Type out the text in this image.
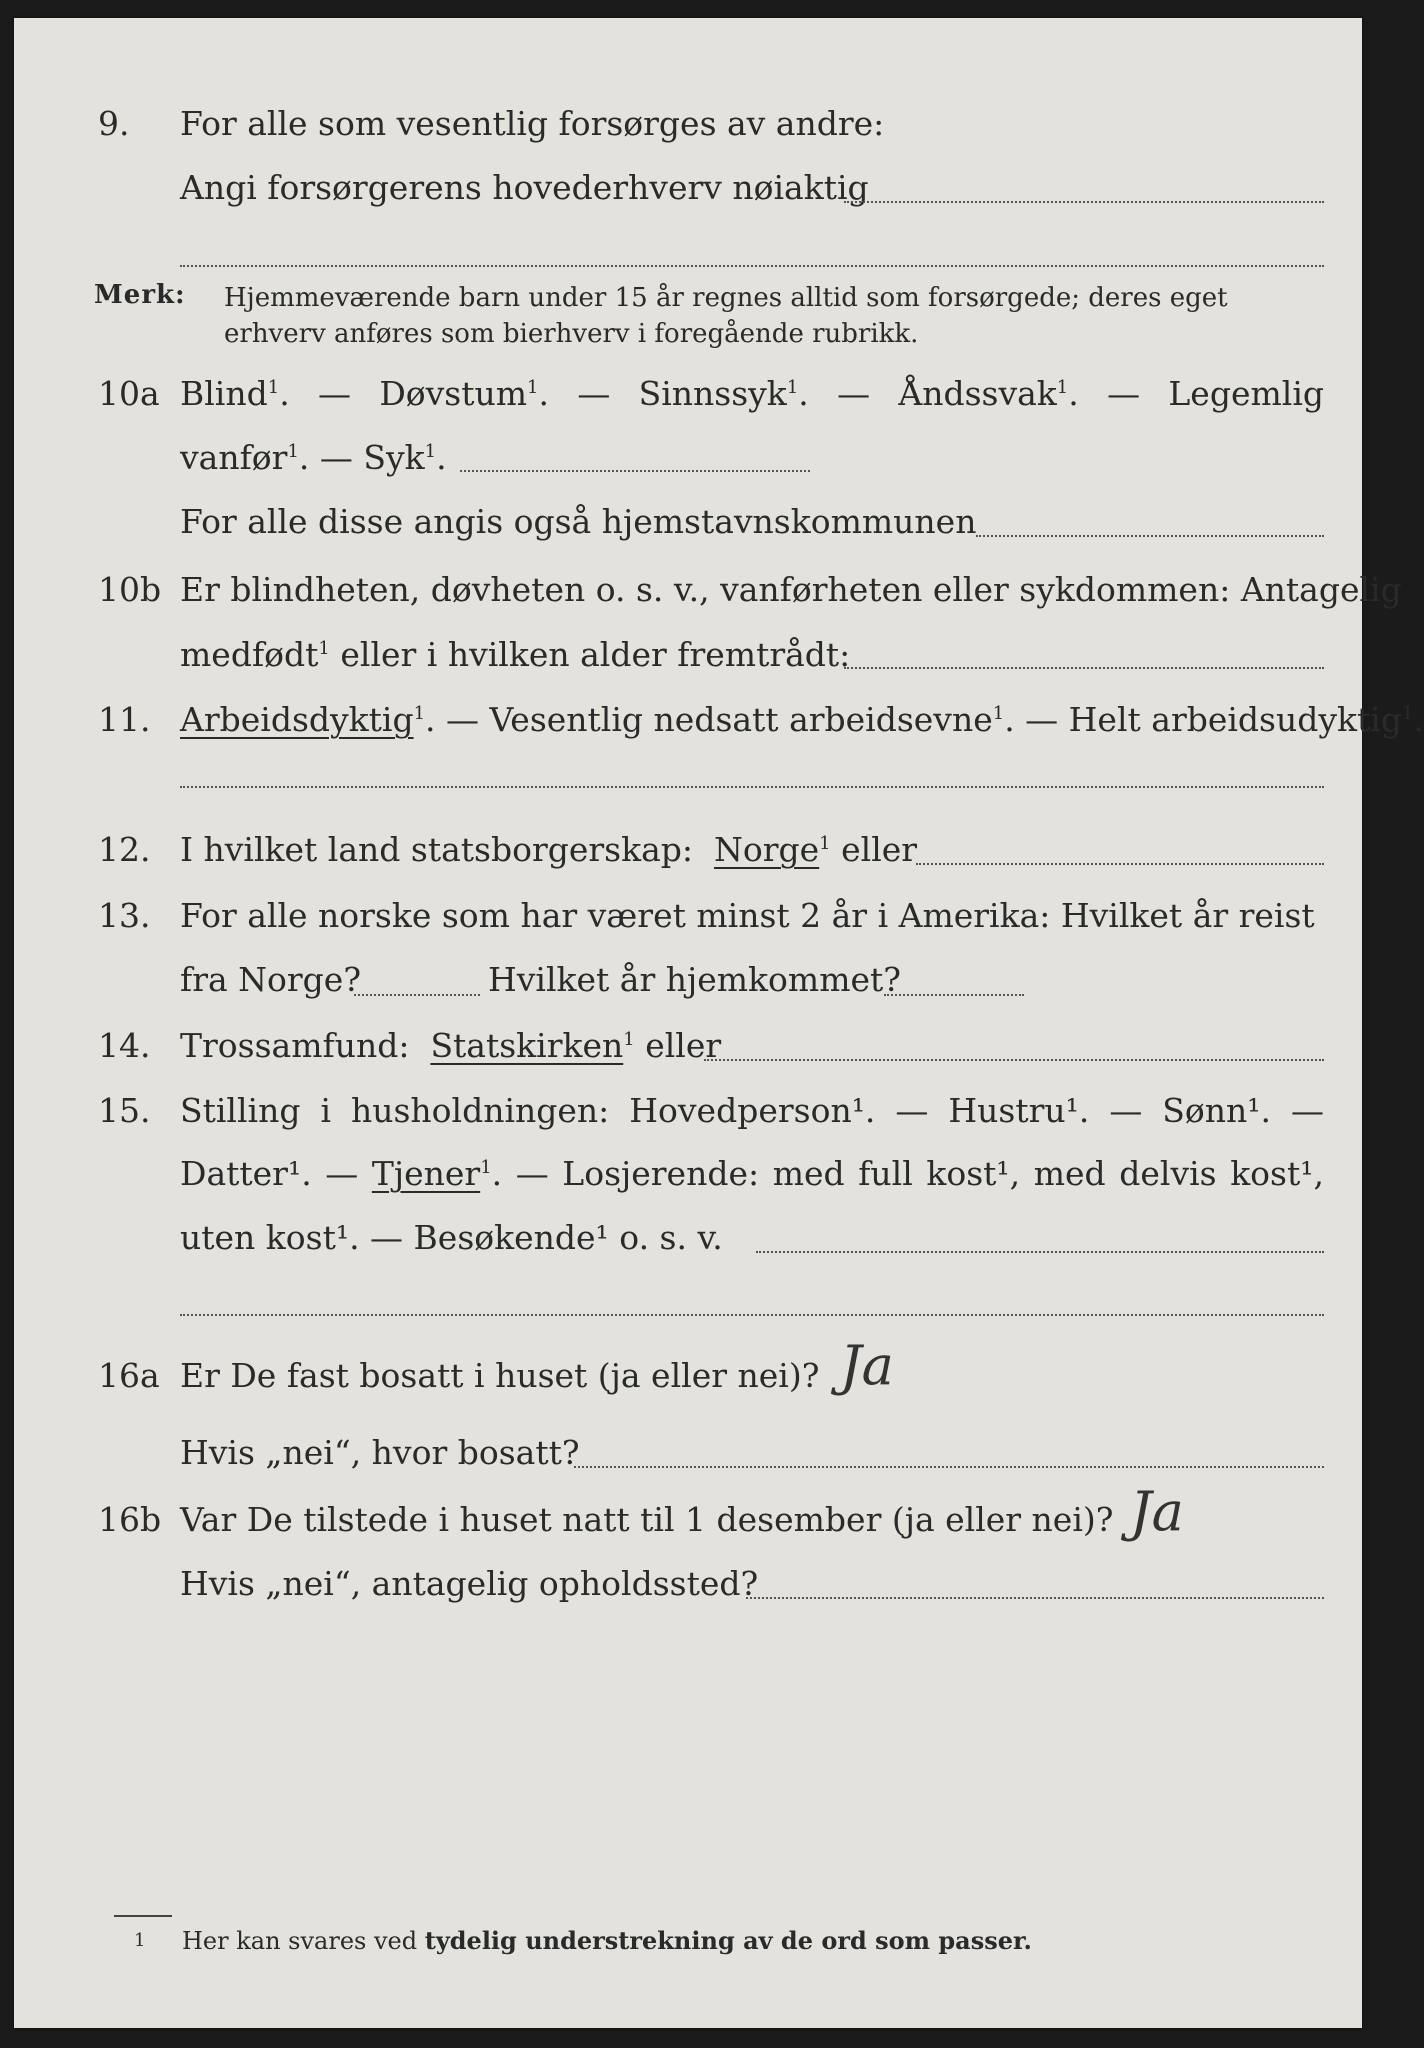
9.	For alle som vesentlig forsørges av andre:
Angi forsørgerens hovederhverv nøiaktig
Merk: Hjemmeværende barn under 15 år regnes alltid som forsørgede; deres eget erhverv anføres som bierhverv i foregående rubrikk.
10a Blind$^1$. — Døvstum$^1$. — Sinnssyk$^1$. — Åndssvak$^1$. — Legemlig
vanfør$^1$. — Syk$^1$.
For alle disse angis også hjemstavnskommunen
10b Er blindheten, døvheten o. s. v., vanførheten eller sykdommen: Antagelig
medfødt$^1$ eller i hvilken alder fremtrådt:
11. Arbeidsdyktig$^1$. — Vesentlig nedsatt arbeidsevne$^1$. — Helt arbeidsudyktig$^1$.
12. I hvilket land statsborgerskap: Norge$^1$ eller
13. For alle norske som har været minst 2 år i Amerika: Hvilket år reist
fra Norge?	Hvilket år hjemkommet?
14. Trossamfund: Statskirken$^1$ eller
15. Stilling i husholdningen: Hovedperson¹. — Hustru¹. — Sønn¹. —
Datter¹. — Tjener$^1$. — Losjerende: med full kost¹, med delvis kost¹,
uten kost¹. — Besøkende¹ o. s. v.
16a Er De fast bosatt i huset (ja eller nei)? Ja
Hvis „nei“, hvor bosatt?
16b Var De tilstede i huset natt til 1 desember (ja eller nei)? Ja
Hvis „nei“, antagelig opholdssted?
1 Her kan svares ved tydelig understrekning av de ord som passer.
